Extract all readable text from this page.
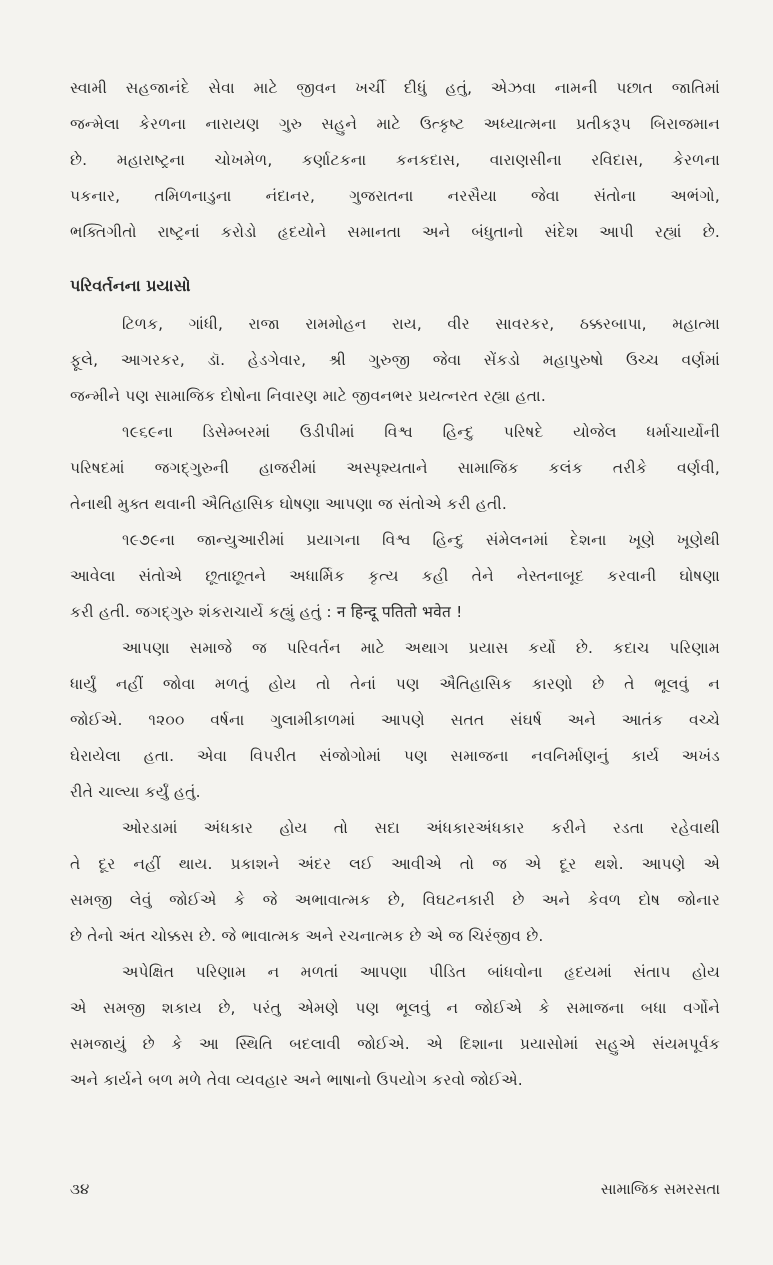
સ્વામી સહજાનંદે સેવા માટે જીવન ખર્ચી દીધું હતું, એઝવા નામની પછાત જાતિમાં
જન્મેલા કેરળના નારાયણ ગુરુ સહુને માટે ઉત્કૃષ્ટ અધ્યાત્મના પ્રતીકરૂપ બિરાજમાન
છે. મહારાષ્ટ્રના ચોખમેળ, કર્ણાટકના કનકદાસ, વારાણસીના રવિદાસ, કેરળના
પકનાર, તમિળનાડુના નંદાનર, ગુજરાતના નરસૈયા જેવા સંતોના અભંગો,
ભક્તિગીતો રાષ્ટ્રનાં કરોડો હૃદયોને સમાનતા અને બંધુતાનો સંદેશ આપી રહ્યાં છે.
પરિવર્તનના પ્રયાસો
ટિળક, ગાંધી, રાજા રામમોહન રાય, વીર સાવરકર, ઠક્કરબાપા, મહાત્મા
ફૂલે, આગરકર, ડૉ. હેડગેવાર, શ્રી ગુરુજી જેવા સેંકડો મહાપુરુષો ઉચ્ચ વર્ણમાં
જન્મીને પણ સામાજિક દોષોના નિવારણ માટે જીવનભર પ્રયત્નરત રહ્યા હતા.
૧૯૬૯ના ડિસેમ્બરમાં ઉડીપીમાં વિશ્વ હિન્દુ પરિષદે યોજેલ ધર્માચાર્યોની
પરિષદમાં જગદ્‌ગુરુની હાજરીમાં અસ્પૃશ્યતાને સામાજિક કલંક તરીકે વર્ણવી,
તેનાથી મુક્ત થવાની ઐતિહાસિક ઘોષણા આપણા જ સંતોએ કરી હતી.
૧૯૭૯ના જાન્યુઆરીમાં પ્રયાગના વિશ્વ હિન્દુ સંમેલનમાં દેશના ખૂણે ખૂણેથી
આવેલા સંતોએ છૂતાછૂતને અધાર્મિક કૃત્ય કહી તેને નેસ્તનાબૂદ કરવાની ઘોષણા
કરી હતી. જગદ્‌ગુરુ શંકરાચાર્યે કહ્યું હતું : न हिन्दू पतितो भवेत !
આપણા સમાજે જ પરિવર્તન માટે અથાગ પ્રયાસ કર્યો છે. કદાચ પરિણામ
ધાર્યું નહીં જોવા મળતું હોય તો તેનાં પણ ઐતિહાસિક કારણો છે તે ભૂલવું ન
જોઈએ. ૧૨૦૦ વર્ષના ગુલામીકાળમાં આપણે સતત સંઘર્ષ અને આતંક વચ્ચે
ઘેરાયેલા હતા. એવા વિપરીત સંજોગોમાં પણ સમાજના નવનિર્માણનું કાર્ય અખંડ
રીતે ચાલ્યા કર્યું હતું.
ઓરડામાં અંધકાર હોય તો સદા અંધકારઅંધકાર કરીને રડતા રહેવાથી
તે દૂર નહીં થાય. પ્રકાશને અંદર લઈ આવીએ તો જ એ દૂર થશે. આપણે એ
સમજી લેવું જોઈએ કે જે અભાવાત્મક છે, વિઘટનકારી છે અને કેવળ દોષ જોનાર
છે તેનો અંત ચોક્કસ છે. જે ભાવાત્મક અને રચનાત્મક છે એ જ ચિરંજીવ છે.
અપેક્ષિત પરિણામ ન મળતાં આપણા પીડિત બાંધવોના હૃદયમાં સંતાપ હોય
એ સમજી શકાય છે, પરંતુ એમણે પણ ભૂલવું ન જોઈએ કે સમાજના બધા વર્ગોને
સમજાયું છે કે આ સ્થિતિ બદલાવી જોઈએ. એ દિશાના પ્રયાસોમાં સહુએ સંયમપૂર્વક
અને કાર્યને બળ મળે તેવા વ્યવહાર અને ભાષાનો ઉપયોગ કરવો જોઈએ.
૩૪	સામાજિક સમરસતા
